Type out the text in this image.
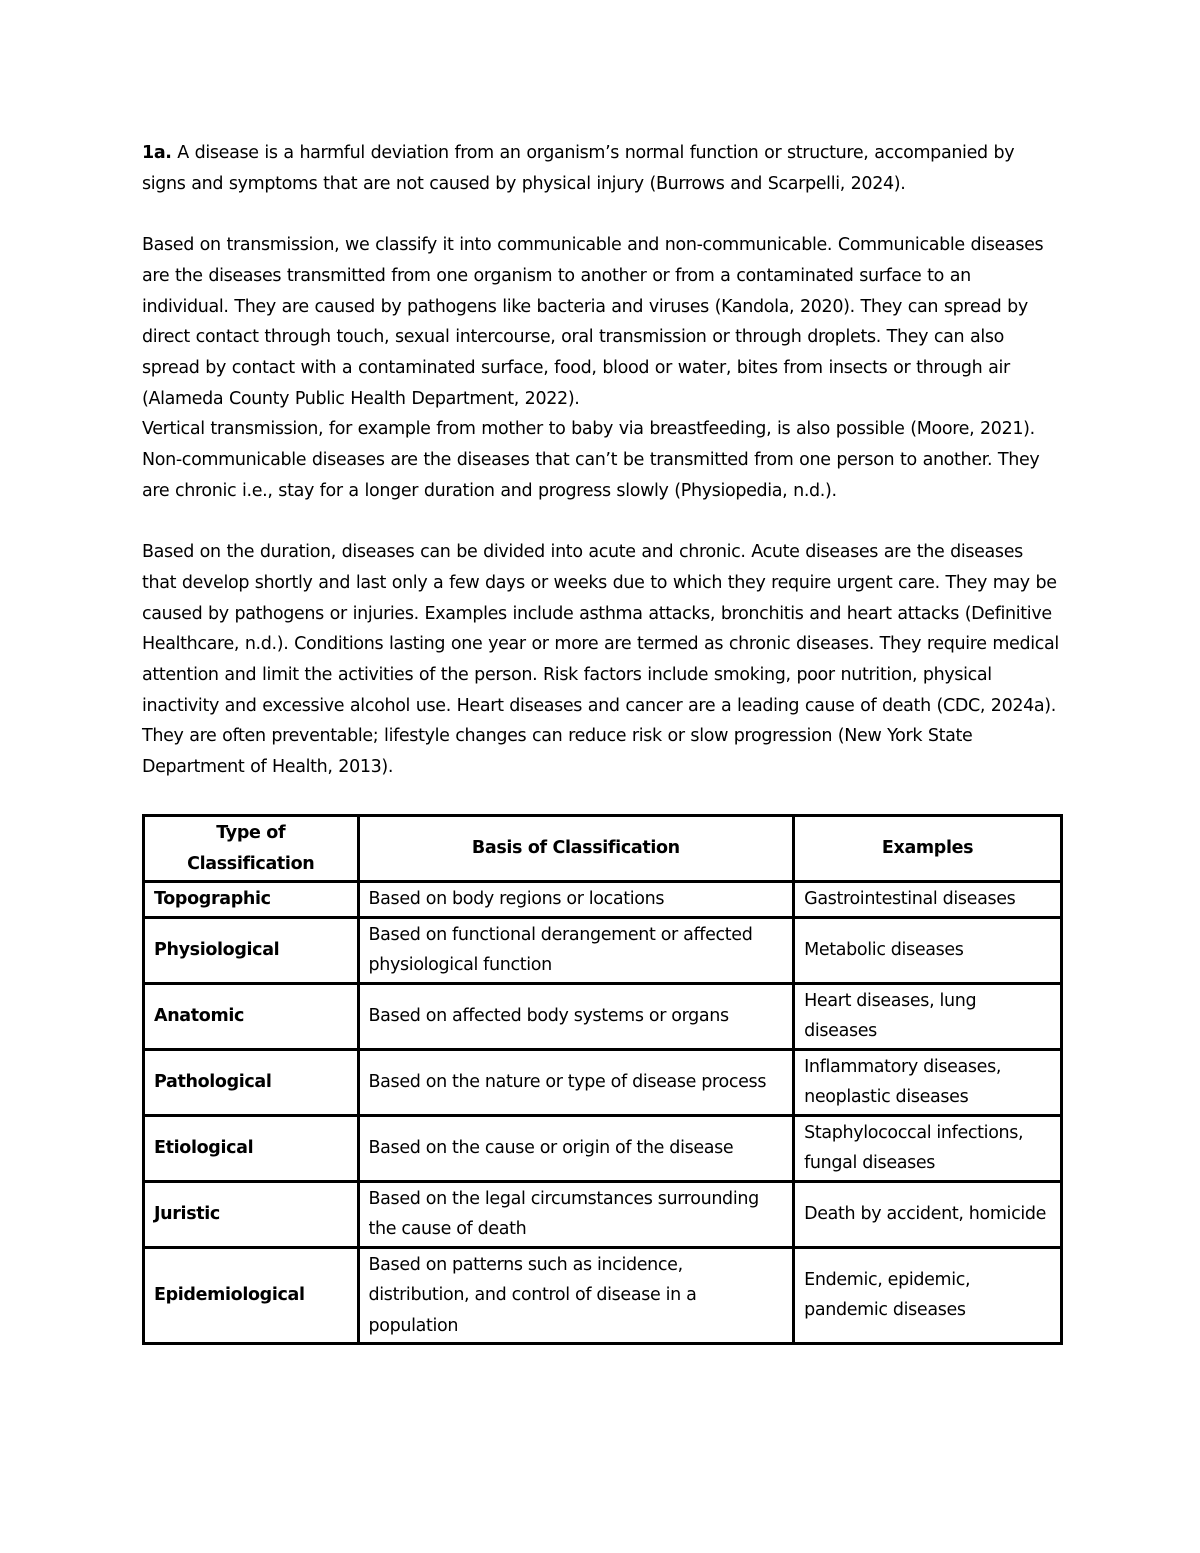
1a. A disease is a harmful deviation from an organism’s normal function or structure, accompanied by signs and symptoms that are not caused by physical injury (Burrows and Scarpelli, 2024).

Based on transmission, we classify it into communicable and non-communicable. Communicable diseases are the diseases transmitted from one organism to another or from a contaminated surface to an individual. They are caused by pathogens like bacteria and viruses (Kandola, 2020). They can spread by direct contact through touch, sexual intercourse, oral transmission or through droplets. They can also spread by contact with a contaminated surface, food, blood or water, bites from insects or through air (Alameda County Public Health Department, 2022).

Vertical transmission, for example from mother to baby via breastfeeding, is also possible (Moore, 2021). Non-communicable diseases are the diseases that can’t be transmitted from one person to another. They are chronic i.e., stay for a longer duration and progress slowly (Physiopedia, n.d.).

Based on the duration, diseases can be divided into acute and chronic. Acute diseases are the diseases that develop shortly and last only a few days or weeks due to which they require urgent care. They may be caused by pathogens or injuries. Examples include asthma attacks, bronchitis and heart attacks (Definitive Healthcare, n.d.). Conditions lasting one year or more are termed as chronic diseases. They require medical attention and limit the activities of the person. Risk factors include smoking, poor nutrition, physical inactivity and excessive alcohol use. Heart diseases and cancer are a leading cause of death (CDC, 2024a). They are often preventable; lifestyle changes can reduce risk or slow progression (New York State Department of Health, 2013).

Type of Classification	Basis of Classification	Examples
Topographic	Based on body regions or locations	Gastrointestinal diseases
Physiological	Based on functional derangement or affected physiological function	Metabolic diseases
Anatomic	Based on affected body systems or organs	Heart diseases, lung diseases
Pathological	Based on the nature or type of disease process	Inflammatory diseases, neoplastic diseases
Etiological	Based on the cause or origin of the disease	Staphylococcal infections, fungal diseases
Juristic	Based on the legal circumstances surrounding the cause of death	Death by accident, homicide
Epidemiological	Based on patterns such as incidence, distribution, and control of disease in a population	Endemic, epidemic, pandemic diseases
